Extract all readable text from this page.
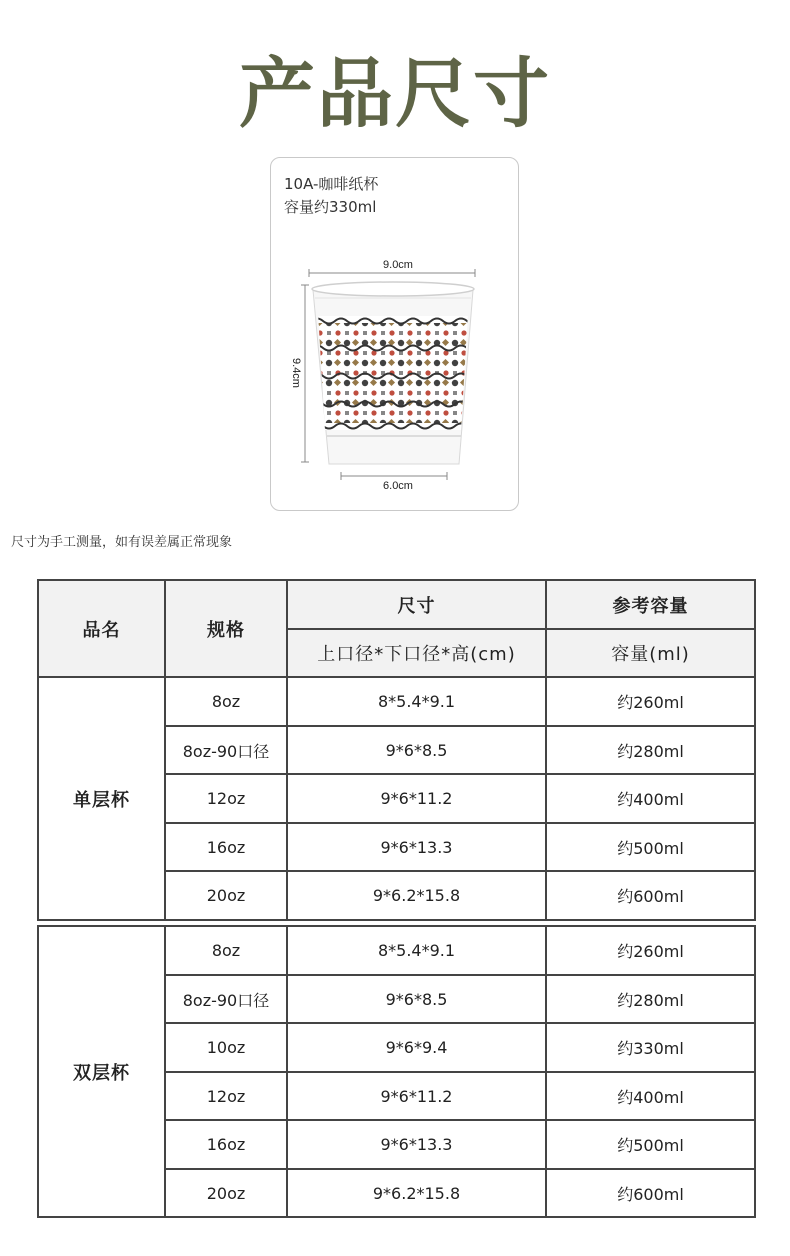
产品尺寸
10A-咖啡纸杯
容量约330ml
9.0cm
9.4cm
6.0cm
尺寸为手工测量，如有误差属正常现象
品名	规格	尺寸	参考容量
		上口径*下口径*高(cm)	容量(ml)
单层杯	8oz	8*5.4*9.1	约260ml
	8oz-90口径	9*6*8.5	约280ml
	12oz	9*6*11.2	约400ml
	16oz	9*6*13.3	约500ml
	20oz	9*6.2*15.8	约600ml

双层杯	8oz	8*5.4*9.1	约260ml
	8oz-90口径	9*6*8.5	约280ml
	10oz	9*6*9.4	约330ml
	12oz	9*6*11.2	约400ml
	16oz	9*6*13.3	约500ml
	20oz	9*6.2*15.8	约600ml
